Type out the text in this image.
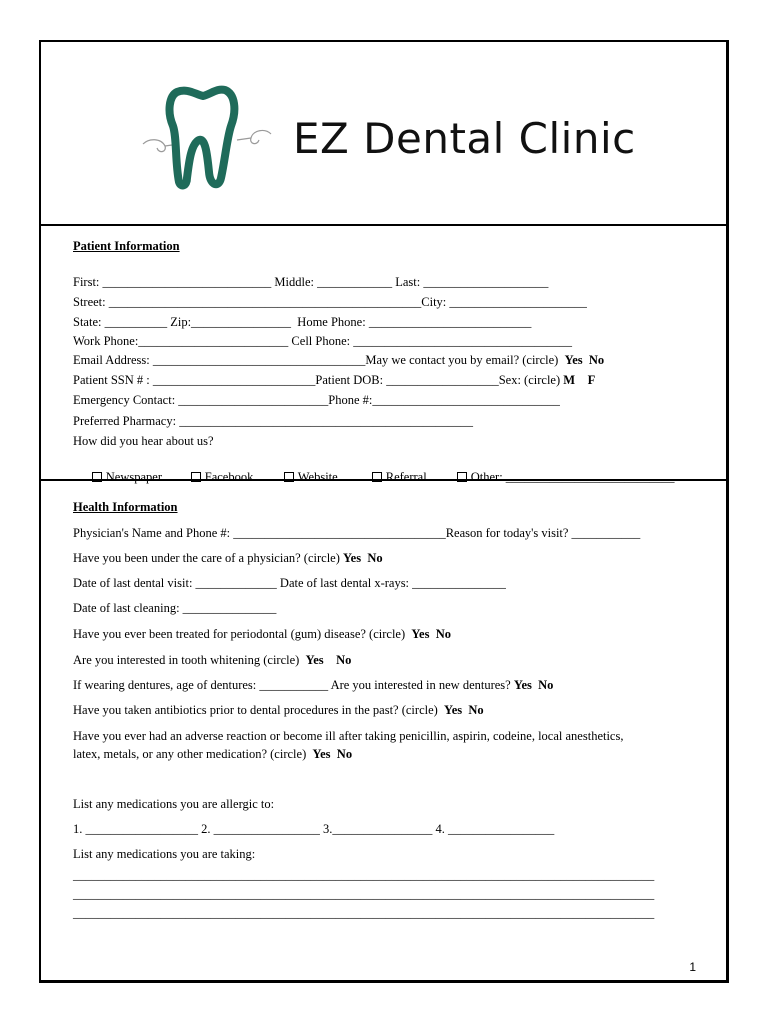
EZ Dental Clinic
Patient Information
First: ___________________________ Middle: ____________ Last: ____________________
Street: __________________________________________________City: ______________________
State: __________ Zip:________________  Home Phone: __________________________
Work Phone:________________________ Cell Phone: ___________________________________
Email Address: __________________________________May we contact you by email? (circle)  Yes No
Patient SSN # : __________________________Patient DOB: __________________Sex: (circle) M F
Emergency Contact: ________________________Phone #:______________________________
Preferred Pharmacy: _______________________________________________
How did you hear about us?

Newspaper	Facebook	Website	Referral	Other: ___________________________

Health Information
Physician's Name and Phone #: __________________________________Reason for today's visit? ___________
Have you been under the care of a physician? (circle) Yes No
Date of last dental visit: _____________ Date of last dental x-rays: _______________
Date of last cleaning: _______________
Have you ever been treated for periodontal (gum) disease? (circle)  Yes No
Are you interested in tooth whitening (circle)  Yes No
If wearing dentures, age of dentures: ___________ Are you interested in new dentures? Yes No
Have you taken antibiotics prior to dental procedures in the past? (circle)  Yes No
Have you ever had an adverse reaction or become ill after taking penicillin, aspirin, codeine, local anesthetics,
latex, metals, or any other medication? (circle)  Yes No
List any medications you are allergic to:
1. __________________ 2. _________________ 3.________________ 4. _________________
List any medications you are taking:
_____________________________________________________________________________________________
_____________________________________________________________________________________________
_____________________________________________________________________________________________
1
